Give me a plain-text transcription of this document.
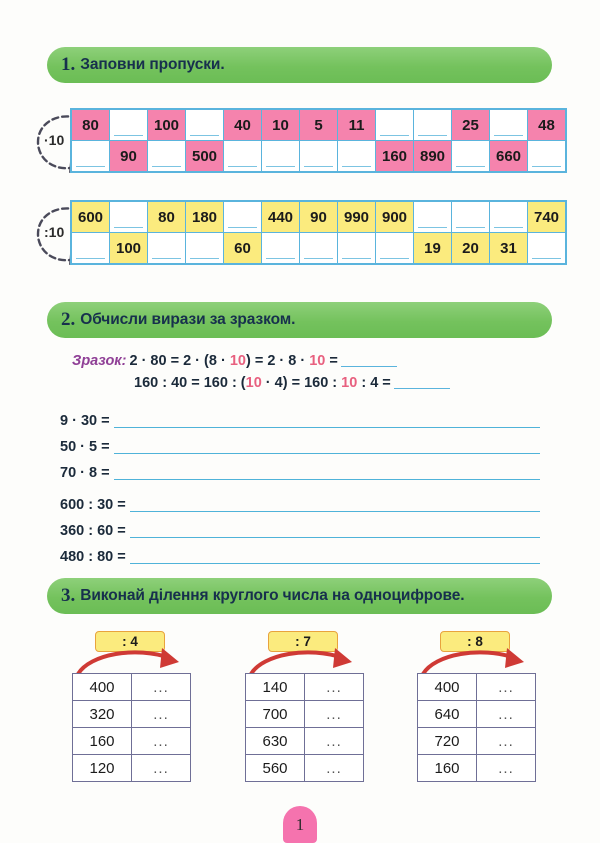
1. Заповни пропуски.
·10
80		100		40	10	5	11			25		48
	90		500					160	890		660	
:10
600		80	180		440	90	990	900				740
	100			60					19	20	31	
2. Обчисли вирази за зразком.
Зразок: 2 · 80 = 2 · (8 · 10) = 2 · 8 · 10 =
160 : 40 = 160 : (10 · 4) = 160 : 10 : 4 =
9 · 30 =
50 · 5 =
70 · 8 =
600 : 30 =
360 : 60 =
480 : 80 =
3. Виконай ділення круглого числа на одноцифрове.
: 4
400	...
320	...
160	...
120	...
: 7
140	...
700	...
630	...
560	...
: 8
400	...
640	...
720	...
160	...
1
